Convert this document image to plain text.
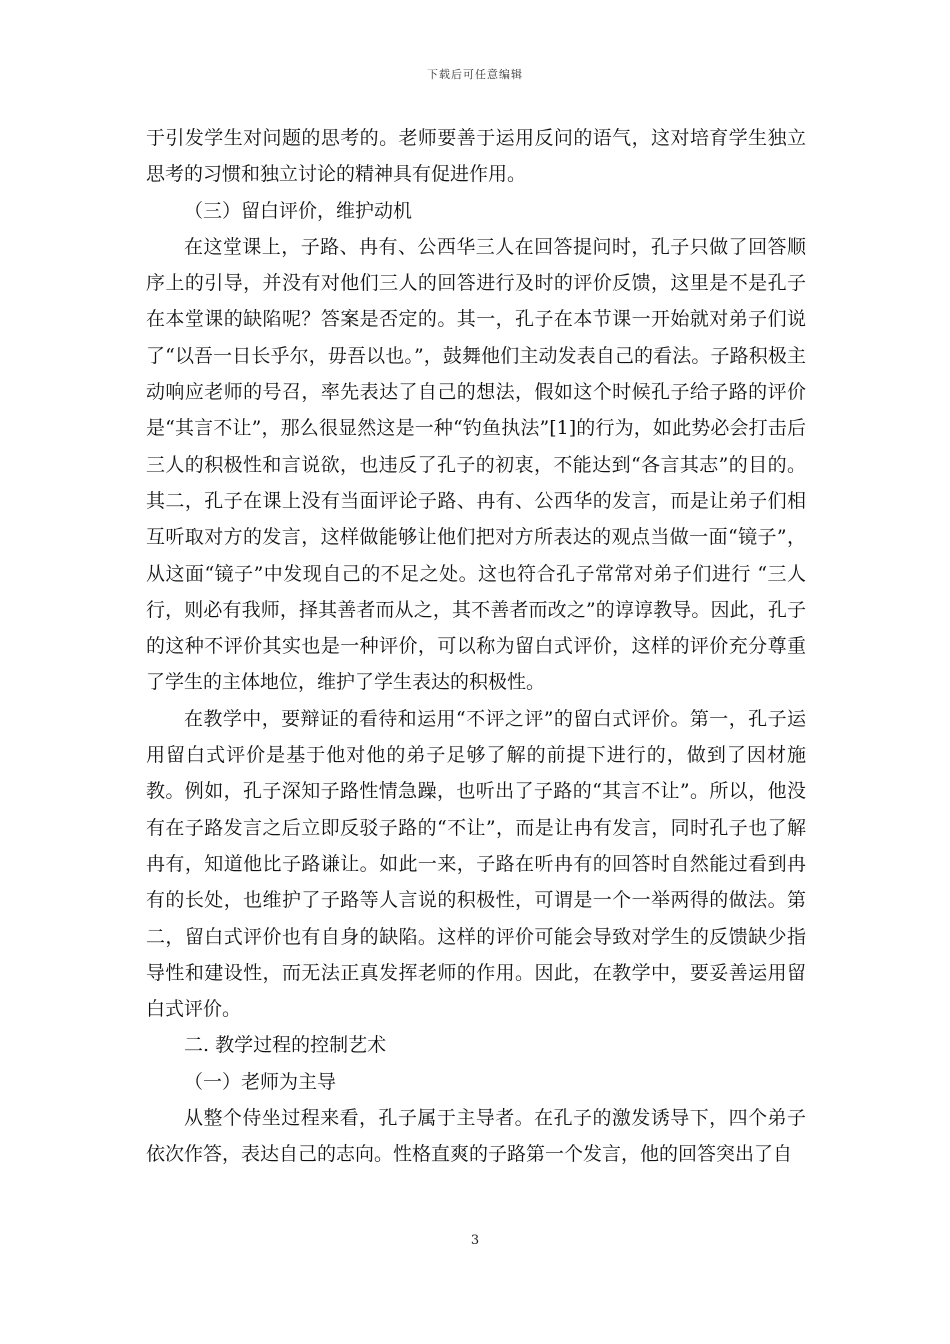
下载后可任意编辑

于引发学生对问题的思考的。老师要善于运用反问的语气，这对培育学生独立思考的习惯和独立讨论的精神具有促进作用。

（三）留白评价，维护动机

在这堂课上，子路、冉有、公西华三人在回答提问时，孔子只做了回答顺序上的引导，并没有对他们三人的回答进行及时的评价反馈，这里是不是孔子在本堂课的缺陷呢？答案是否定的。其一，孔子在本节课一开始就对弟子们说了“以吾一日长乎尔，毋吾以也。”，鼓舞他们主动发表自己的看法。子路积极主动响应老师的号召，率先表达了自己的想法，假如这个时候孔子给子路的评价是“其言不让”，那么很显然这是一种“钓鱼执法”[1]的行为，如此势必会打击后三人的积极性和言说欲，也违反了孔子的初衷，不能达到“各言其志”的目的。其二，孔子在课上没有当面评论子路、冉有、公西华的发言，而是让弟子们相互听取对方的发言，这样做能够让他们把对方所表达的观点当做一面“镜子”，从这面“镜子”中发现自己的不足之处。这也符合孔子常常对弟子们进行 “三人行，则必有我师，择其善者而从之，其不善者而改之”的谆谆教导。因此，孔子的这种不评价其实也是一种评价，可以称为留白式评价，这样的评价充分尊重了学生的主体地位，维护了学生表达的积极性。

在教学中，要辩证的看待和运用“不评之评”的留白式评价。第一，孔子运用留白式评价是基于他对他的弟子足够了解的前提下进行的，做到了因材施教。例如，孔子深知子路性情急躁，也听出了子路的“其言不让”。所以，他没有在子路发言之后立即反驳子路的“不让”，而是让冉有发言，同时孔子也了解冉有，知道他比子路谦让。如此一来，子路在听冉有的回答时自然能过看到冉有的长处，也维护了子路等人言说的积极性，可谓是一个一举两得的做法。第二，留白式评价也有自身的缺陷。这样的评价可能会导致对学生的反馈缺少指导性和建设性，而无法正真发挥老师的作用。因此，在教学中，要妥善运用留白式评价。

二. 教学过程的控制艺术

（一）老师为主导

从整个侍坐过程来看，孔子属于主导者。在孔子的激发诱导下，四个弟子依次作答，表达自己的志向。性格直爽的子路第一个发言，他的回答突出了自

3
